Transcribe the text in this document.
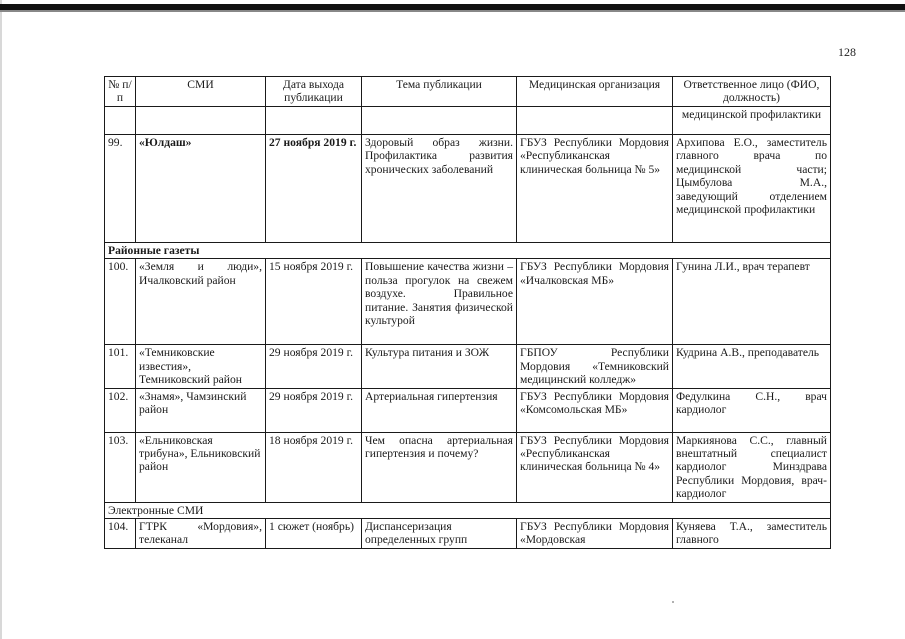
128
№ п/п	СМИ	Дата выхода публикации	Тема публикации	Медицинская организация	Ответственное лицо (ФИО, должность)
					медицинской профилактики
99.	«Юлдаш»	27 ноября 2019 г.	Здоровый образ жизни. Профилактика развития хронических заболеваний	ГБУЗ Республики Мордовия «Республиканская клиническая больница № 5»	Архипова Е.О., заместитель главного врача по медицинской части; Цымбулова М.А., заведующий отделением медицинской профилактики
Районные газеты					
100.	«Земля и люди», Ичалковский район	15 ноября 2019 г.	Повышение качества жизни – польза прогулок на свежем воздухе. Правильное питание. Занятия физической культурой	ГБУЗ Республики Мордовия «Ичалковская МБ»	Гунина Л.И., врач терапевт
101.	«Темниковские известия», Темниковский район	29 ноября 2019 г.	Культура питания и ЗОЖ	ГБПОУ Республики Мордовия «Темниковский медицинский колледж»	Кудрина А.В., преподаватель
102.	«Знамя», Чамзинский район	29 ноября 2019 г.	Артериальная гипертензия	ГБУЗ Республики Мордовия «Комсомольская МБ»	Федулкина С.Н., врач кардиолог
103.	«Ельниковская трибуна», Ельниковский район	18 ноября 2019 г.	Чем опасна артериальная гипертензия и почему?	ГБУЗ Республики Мордовия «Республиканская клиническая больница № 4»	Маркиянова С.С., главный внештатный специалист кардиолог Минздрава Республики Мордовия, врач-кардиолог
Электронные СМИ					
104.	ГТРК «Мордовия», телеканал	1 сюжет (ноябрь)	Диспансеризация определенных групп	ГБУЗ Республики Мордовия «Мордовская	Куняева Т.А., заместитель главного
